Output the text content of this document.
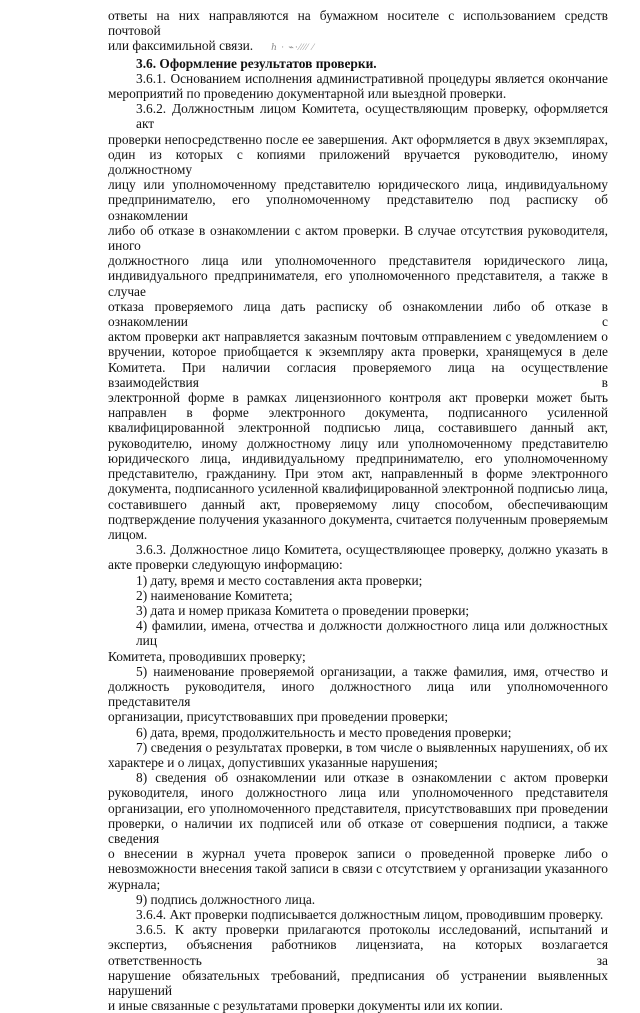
ответы на них направляются на бумажном носителе с использованием средств почтовой
или факсимильной связи. ℎ · ⌁·⁄⁄⁄⁄ ⁄
3.6. Оформление результатов проверки.
3.6.1. Основанием исполнения административной процедуры является окончание
мероприятий по проведению документарной или выездной проверки.
3.6.2. Должностным лицом Комитета, осуществляющим проверку, оформляется акт
проверки непосредственно после ее завершения. Акт оформляется в двух экземплярах,
один из которых с копиями приложений вручается руководителю, иному должностному
лицу или уполномоченному представителю юридического лица, индивидуальному
предпринимателю, его уполномоченному представителю под расписку об ознакомлении
либо об отказе в ознакомлении с актом проверки. В случае отсутствия руководителя, иного
должностного лица или уполномоченного представителя юридического лица,
индивидуального предпринимателя, его уполномоченного представителя, а также в случае
отказа проверяемого лица дать расписку об ознакомлении либо об отказе в ознакомлении с
актом проверки акт направляется заказным почтовым отправлением с уведомлением о
вручении, которое приобщается к экземпляру акта проверки, хранящемуся в деле
Комитета. При наличии согласия проверяемого лица на осуществление взаимодействия в
электронной форме в рамках лицензионного контроля акт проверки может быть
направлен в форме электронного документа, подписанного усиленной
квалифицированной электронной подписью лица, составившего данный акт,
руководителю, иному должностному лицу или уполномоченному представителю
юридического лица, индивидуальному предпринимателю, его уполномоченному
представителю, гражданину. При этом акт, направленный в форме электронного
документа, подписанного усиленной квалифицированной электронной подписью лица,
составившего данный акт, проверяемому лицу способом, обеспечивающим
подтверждение получения указанного документа, считается полученным проверяемым
лицом.
3.6.3. Должностное лицо Комитета, осуществляющее проверку, должно указать в
акте проверки следующую информацию:
1) дату, время и место составления акта проверки;
2) наименование Комитета;
3) дата и номер приказа Комитета о проведении проверки;
4) фамилии, имена, отчества и должности должностного лица или должностных лиц
Комитета, проводивших проверку;
5) наименование проверяемой организации, а также фамилия, имя, отчество и
должность руководителя, иного должностного лица или уполномоченного представителя
организации, присутствовавших при проведении проверки;
6) дата, время, продолжительность и место проведения проверки;
7) сведения о результатах проверки, в том числе о выявленных нарушениях, об их
характере и о лицах, допустивших указанные нарушения;
8) сведения об ознакомлении или отказе в ознакомлении с актом проверки
руководителя, иного должностного лица или уполномоченного представителя
организации, его уполномоченного представителя, присутствовавших при проведении
проверки, о наличии их подписей или об отказе от совершения подписи, а также сведения
о внесении в журнал учета проверок записи о проведенной проверке либо о
невозможности внесения такой записи в связи с отсутствием у организации указанного
журнала;
9) подпись должностного лица.
3.6.4. Акт проверки подписывается должностным лицом, проводившим проверку.
3.6.5. К акту проверки прилагаются протоколы исследований, испытаний и
экспертиз, объяснения работников лицензиата, на которых возлагается ответственность за
нарушение обязательных требований, предписания об устранении выявленных нарушений
и иные связанные с результатами проверки документы или их копии.
